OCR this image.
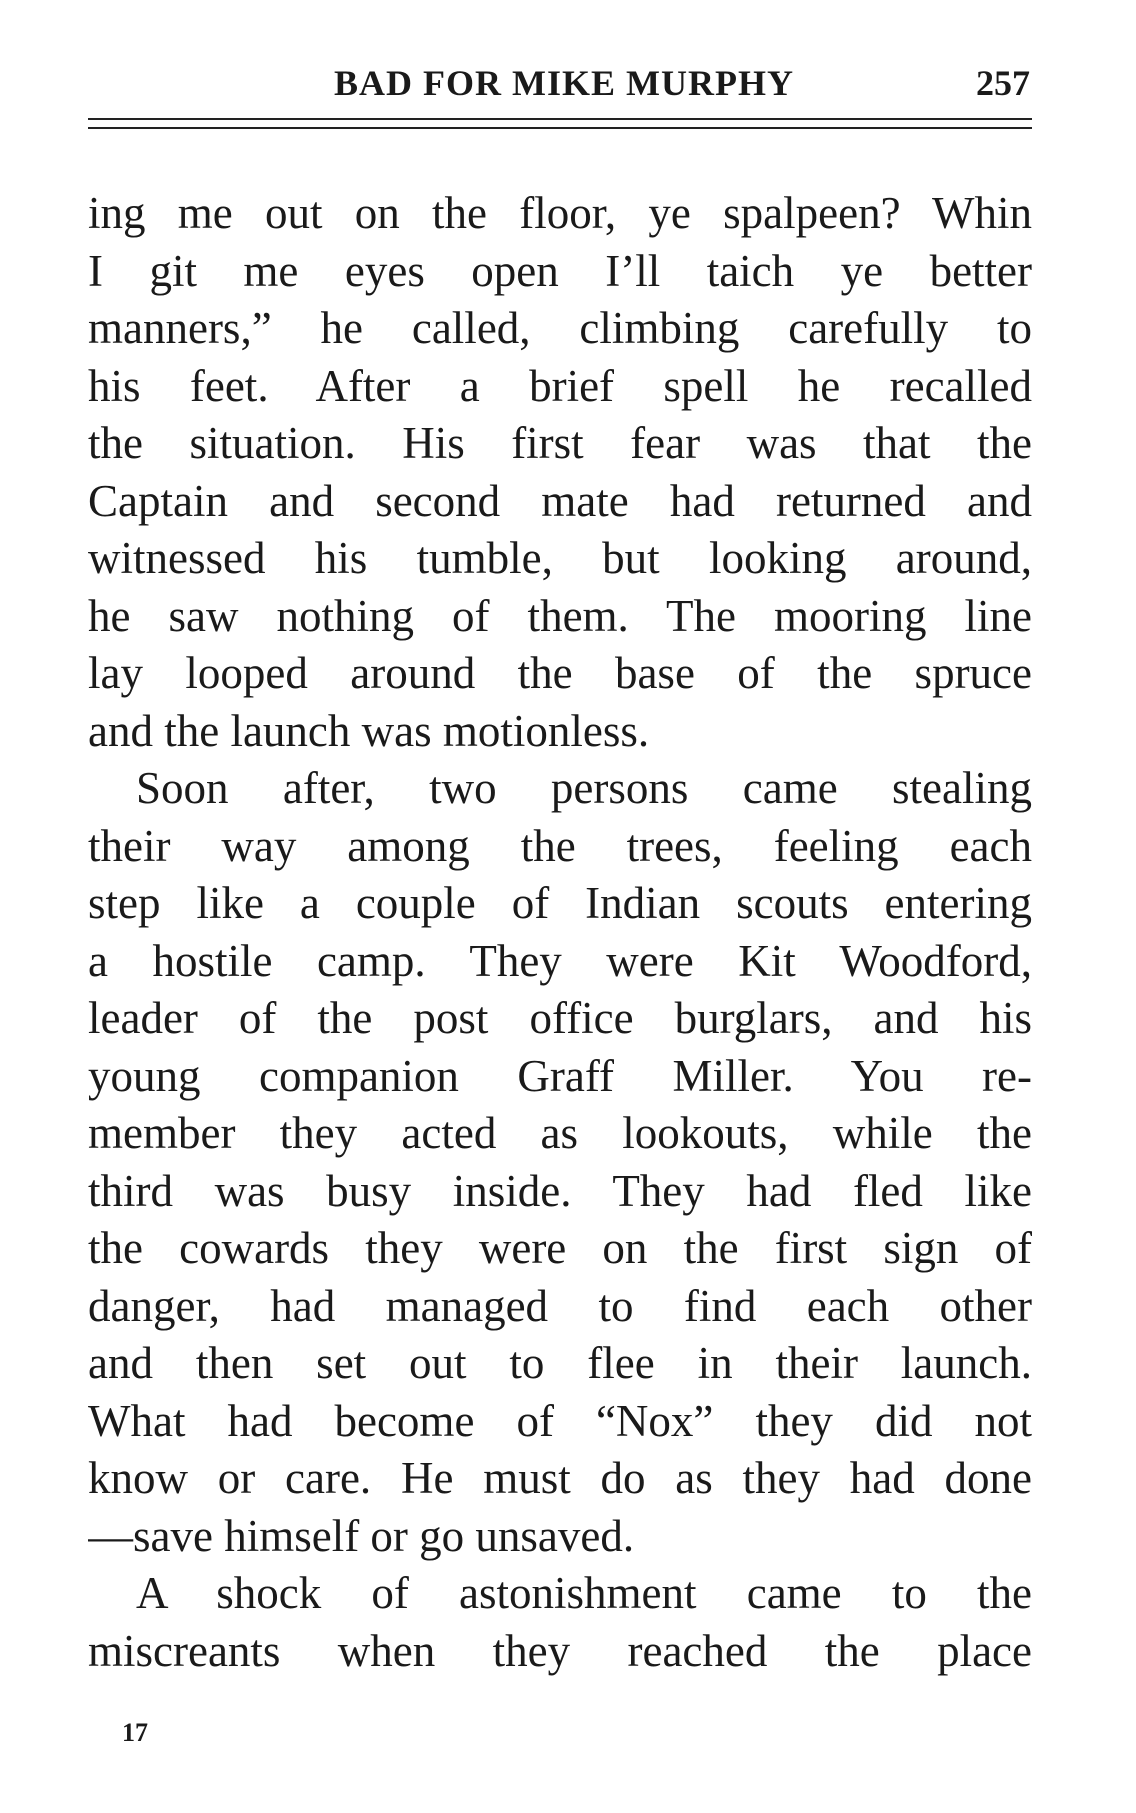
BAD FOR MIKE MURPHY	257
ing me out on the floor, ye spalpeen? Whin
I git me eyes open I’ll taich ye better
manners,” he called, climbing carefully to
his feet. After a brief spell he recalled
the situation. His first fear was that the
Captain and second mate had returned and
witnessed his tumble, but looking around,
he saw nothing of them. The mooring line
lay looped around the base of the spruce
and the launch was motionless.
Soon after, two persons came stealing
their way among the trees, feeling each
step like a couple of Indian scouts entering
a hostile camp. They were Kit Woodford,
leader of the post office burglars, and his
young companion Graff Miller. You re-
member they acted as lookouts, while the
third was busy inside. They had fled like
the cowards they were on the first sign of
danger, had managed to find each other
and then set out to flee in their launch.
What had become of “Nox” they did not
know or care. He must do as they had done
—save himself or go unsaved.
A shock of astonishment came to the
miscreants when they reached the place
17
